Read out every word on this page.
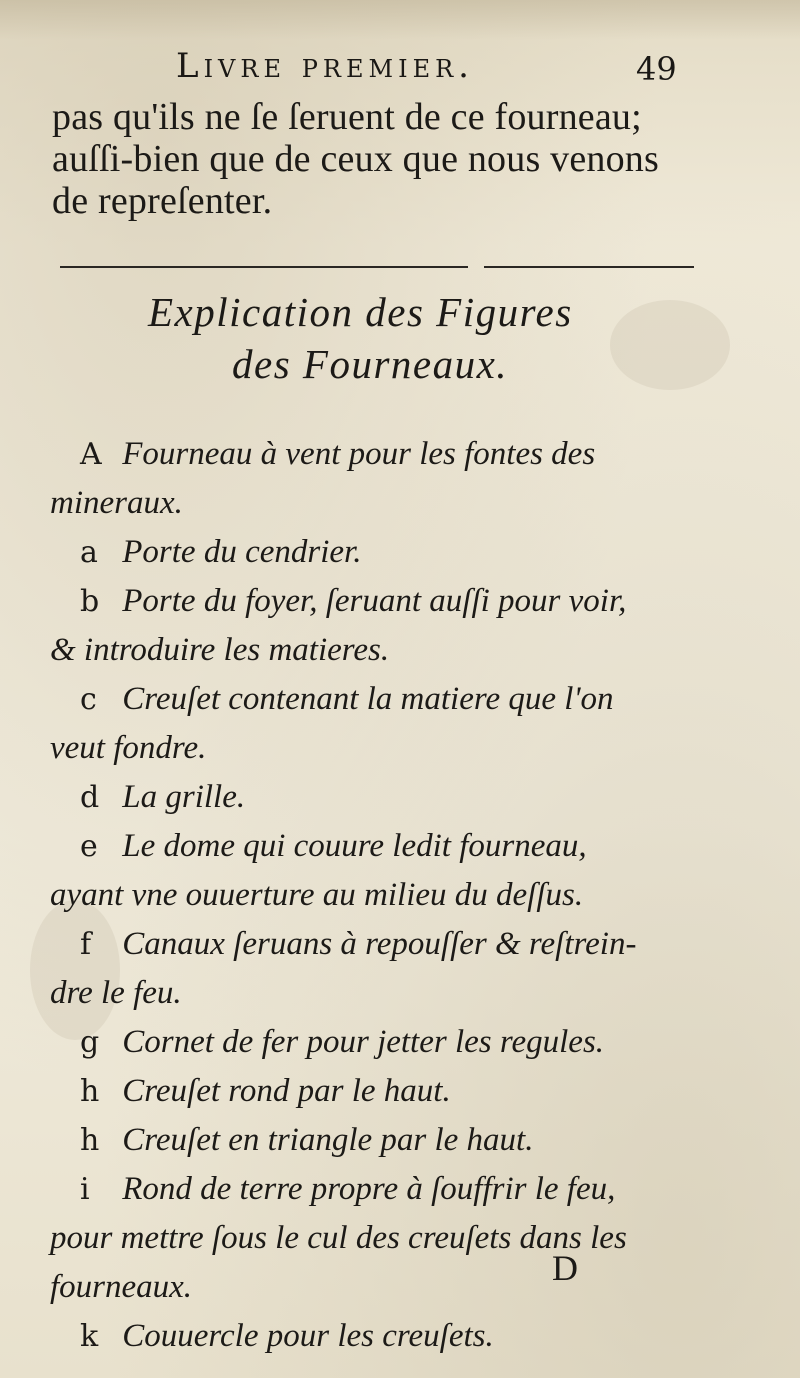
Livre premier.	49
pas qu'ils ne ſe ſeruent de ce fourneau;
auſſi-bien que de ceux que nous venons
de repreſenter.
Explication des Figures
des Fourneaux.
A Fourneau à vent pour les fontes des
mineraux.
a Porte du cendrier.
b Porte du foyer, ſeruant auſſi pour voir,
& introduire les matieres.
c Creuſet contenant la matiere que l'on
veut fondre.
d La grille.
e Le dome qui couure ledit fourneau,
ayant vne ouuerture au milieu du deſſus.
f Canaux ſeruans à repouſſer & reſtrein-
dre le feu.
g Cornet de fer pour jetter les regules.
h Creuſet rond par le haut.
h Creuſet en triangle par le haut.
i Rond de terre propre à ſouffrir le feu,
pour mettre ſous le cul des creuſets dans les
fourneaux.
k Couuercle pour les creuſets.
D
